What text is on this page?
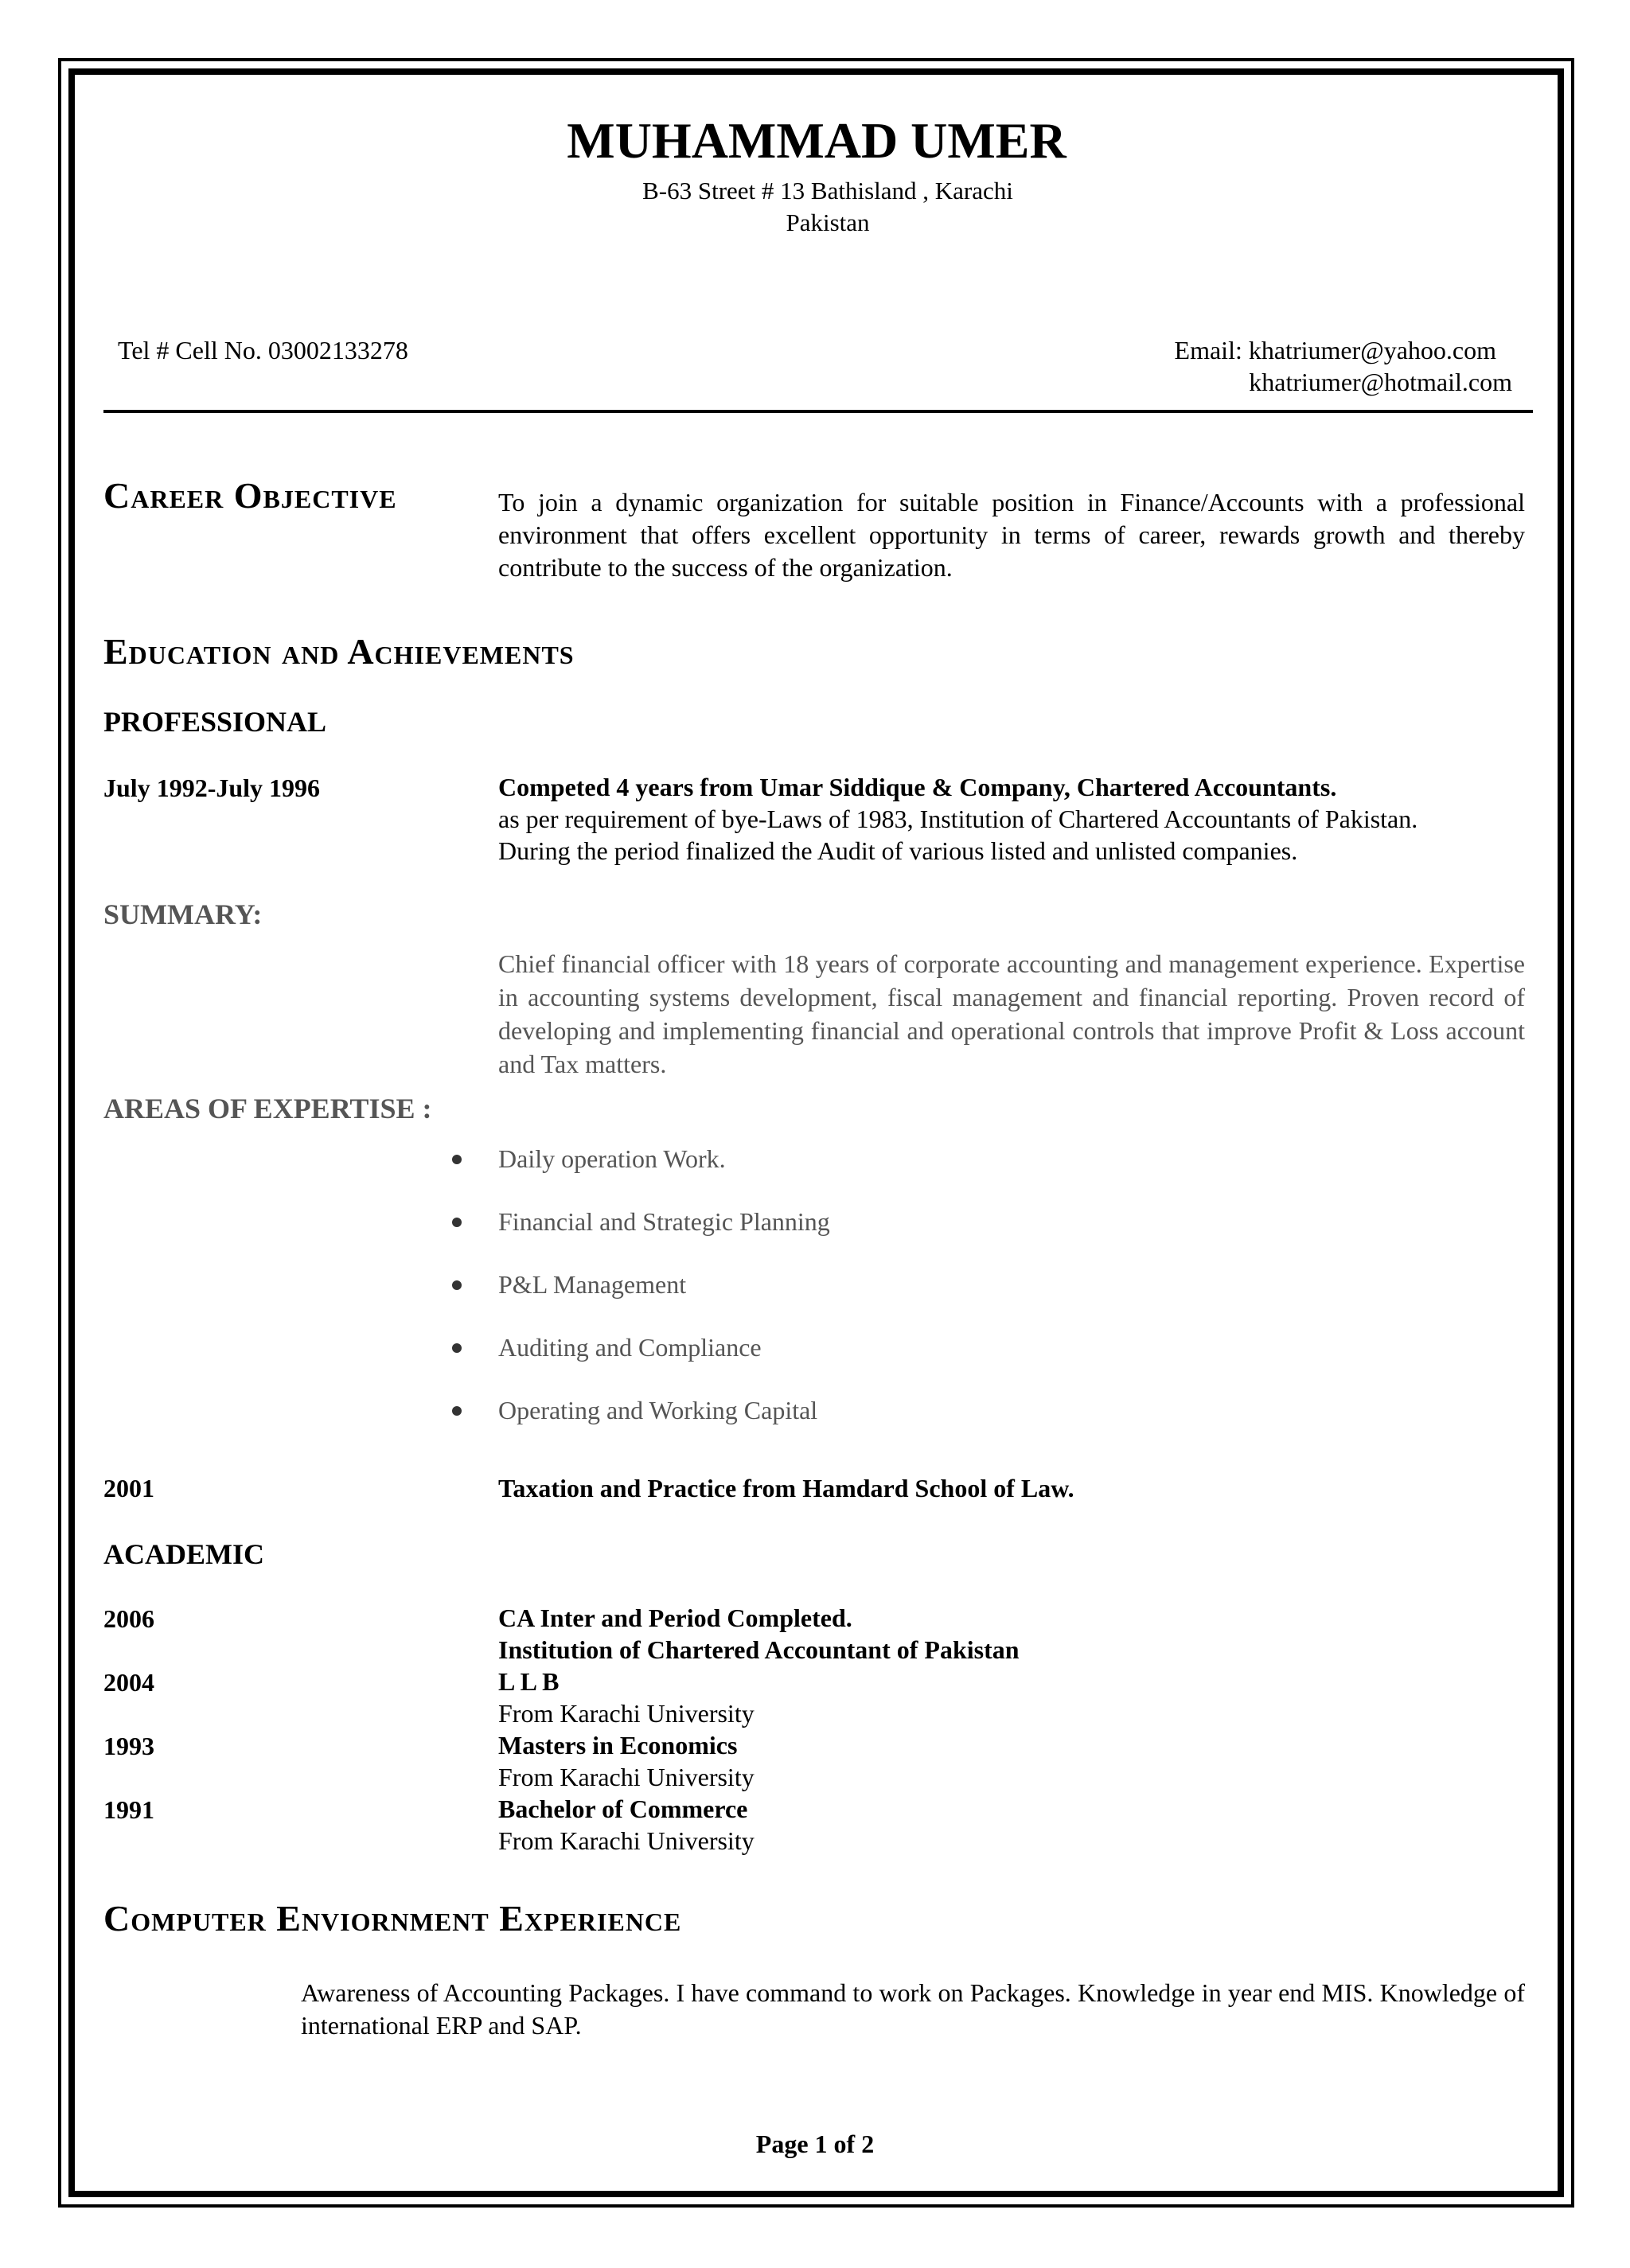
MUHAMMAD UMER
B-63 Street # 13 Bathisland , Karachi
Pakistan
Tel # Cell No. 03002133278	Email: khatriumer@yahoo.com
khatriumer@hotmail.com
Career Objective	To join a dynamic organization for suitable position in Finance/Accounts with a professional environment that offers excellent opportunity in terms of career, rewards growth and thereby contribute to the success of the organization.
Education and Achievements
PROFESSIONAL
July 1992-July 1996	Competed 4 years from Umar Siddique & Company, Chartered Accountants.
as per requirement of bye-Laws of 1983, Institution of Chartered Accountants of Pakistan.
During the period finalized the Audit of various listed and unlisted companies.
SUMMARY:
Chief financial officer with 18 years of corporate accounting and management experience. Expertise in accounting systems development, fiscal management and financial reporting. Proven record of developing and implementing financial and operational controls that improve Profit & Loss account and Tax matters.
AREAS OF EXPERTISE :
Daily operation Work.
Financial and Strategic Planning
P&L Management
Auditing and Compliance
Operating and Working Capital
2001	Taxation and Practice from Hamdard School of Law.
ACADEMIC
2006	CA Inter and Period Completed.
Institution of Chartered Accountant of Pakistan
2004	L L B
From Karachi University
1993	Masters in Economics
From Karachi University
1991	Bachelor of Commerce
From Karachi University
Computer Enviornment Experience
Awareness of Accounting Packages. I have command to work on Packages. Knowledge in year end MIS. Knowledge of international ERP and SAP.
Page 1 of 2
